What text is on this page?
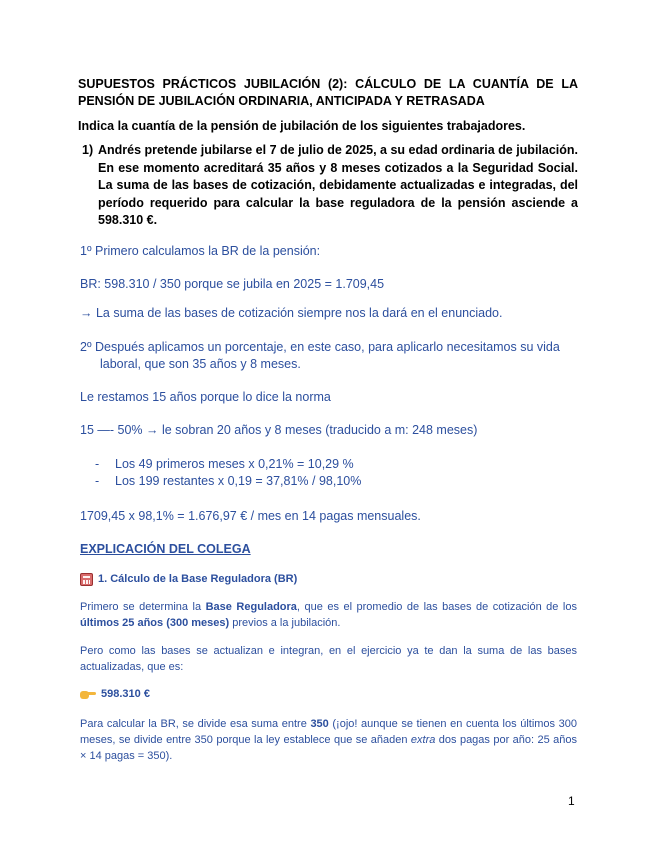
SUPUESTOS PRÁCTICOS JUBILACIÓN (2): CÁLCULO DE LA CUANTÍA DE LA PENSIÓN DE JUBILACIÓN ORDINARIA, ANTICIPADA Y RETRASADA
Indica la cuantía de la pensión de jubilación de los siguientes trabajadores.
1) Andrés pretende jubilarse el 7 de julio de 2025, a su edad ordinaria de jubilación. En ese momento acreditará 35 años y 8 meses cotizados a la Seguridad Social. La suma de las bases de cotización, debidamente actualizadas e integradas, del período requerido para calcular la base reguladora de la pensión asciende a 598.310 €.
1º Primero calculamos la BR de la pensión:
BR: 598.310 / 350 porque se jubila en 2025 = 1.709,45
→ La suma de las bases de cotización siempre nos la dará en el enunciado.
2º Después aplicamos un porcentaje, en este caso, para aplicarlo necesitamos su vida
laboral, que son 35 años y 8 meses.
Le restamos 15 años porque lo dice la norma
15 —- 50% → le sobran 20 años y 8 meses (traducido a m: 248 meses)
-	Los 49 primeros meses x 0,21% = 10,29 %
-	Los 199 restantes x 0,19 = 37,81% / 98,10%
1709,45 x 98,1% = 1.676,97 € / mes en 14 pagas mensuales.
EXPLICACIÓN DEL COLEGA
1. Cálculo de la Base Reguladora (BR)
Primero se determina la Base Reguladora, que es el promedio de las bases de cotización de los últimos 25 años (300 meses) previos a la jubilación.
Pero como las bases se actualizan e integran, en el ejercicio ya te dan la suma de las bases actualizadas, que es:
598.310 €
Para calcular la BR, se divide esa suma entre 350 (¡ojo! aunque se tienen en cuenta los últimos 300 meses, se divide entre 350 porque la ley establece que se añaden extra dos pagas por año: 25 años × 14 pagas = 350).
1
